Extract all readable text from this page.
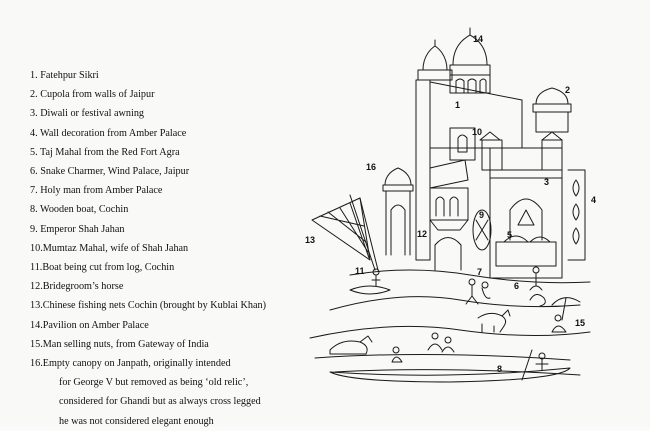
1. Fatehpur Sikri
2. Cupola from walls of Jaipur
3. Diwali or festival awning
4. Wall decoration from Amber Palace
5. Taj Mahal from the Red Fort Agra
6. Snake Charmer, Wind Palace, Jaipur
7. Holy man from Amber Palace
8. Wooden boat, Cochin
9. Emperor Shah Jahan
10.Mumtaz Mahal, wife of Shah Jahan
11.Boat being cut from log, Cochin
12.Bridegroom’s horse
13.Chinese fishing nets Cochin (brought by Kublai Khan)
14.Pavilion on Amber Palace
15.Man selling nuts, from Gateway of India
16.Empty canopy on Janpath, originally intended
for George V but removed as being ‘old relic’,
considered for Ghandi but as always cross legged
he was not considered elegant enough
1
2
3
4
5
6
7
8
9
10
11
12
13
14
15
16
